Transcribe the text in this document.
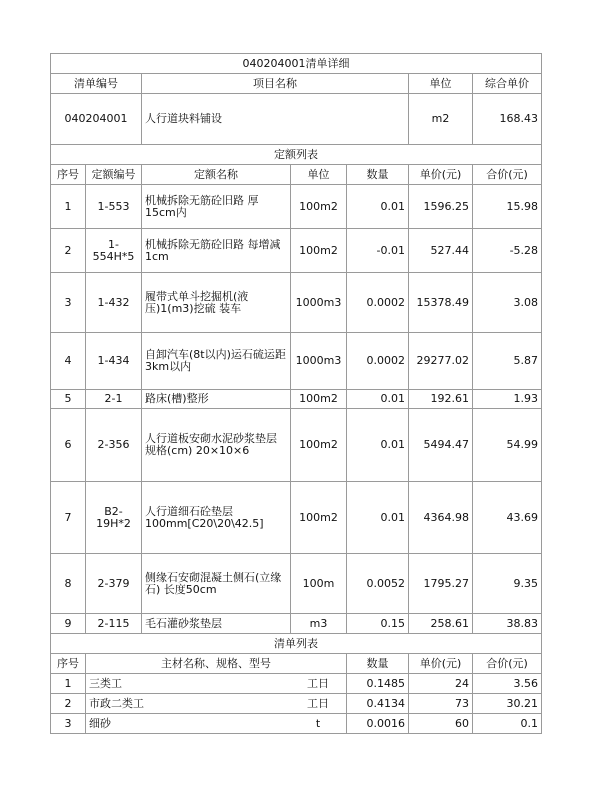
040204001清单详细						
清单编号		项目名称			单位	综合单价
040204001		人行道块料铺设			m2	168.43
定额列表						
序号	定额编号	定额名称	单位	数量	单价(元)	合价(元)
1	1-553	机械拆除无筋砼旧路 厚15cm内	100m2	0.01	1596.25	15.98
2	1-554H*5	机械拆除无筋砼旧路 每增减1cm	100m2	-0.01	527.44	-5.28
3	1-432	履带式单斗挖掘机(液压)1(m3)挖硫 装车	1000m3	0.0002	15378.49	3.08
4	1-434	自卸汽车(8t以内)运石硫运距3km以内	1000m3	0.0002	29277.02	5.87
5	2-1	路床(槽)整形	100m2	0.01	192.61	1.93
6	2-356	人行道板安砌水泥砂浆垫层 规格(cm) 20×10×6	100m2	0.01	5494.47	54.99
7	B2-19H*2	人行道细石砼垫层 100mm[C20\20\42.5]	100m2	0.01	4364.98	43.69
8	2-379	侧缘石安砌混凝土侧石(立缘石) 长度50cm	100m	0.0052	1795.27	9.35
9	2-115	毛石灌砂浆垫层	m3	0.15	258.61	38.83
清单列表						
序号	主材名称、规格、型号			数量	单价(元)	合价(元)
1	三类工 工日			0.1485	24	3.56
2	市政二类工 工日			0.4134	73	30.21
3	细砂 t			0.0016	60	0.1
